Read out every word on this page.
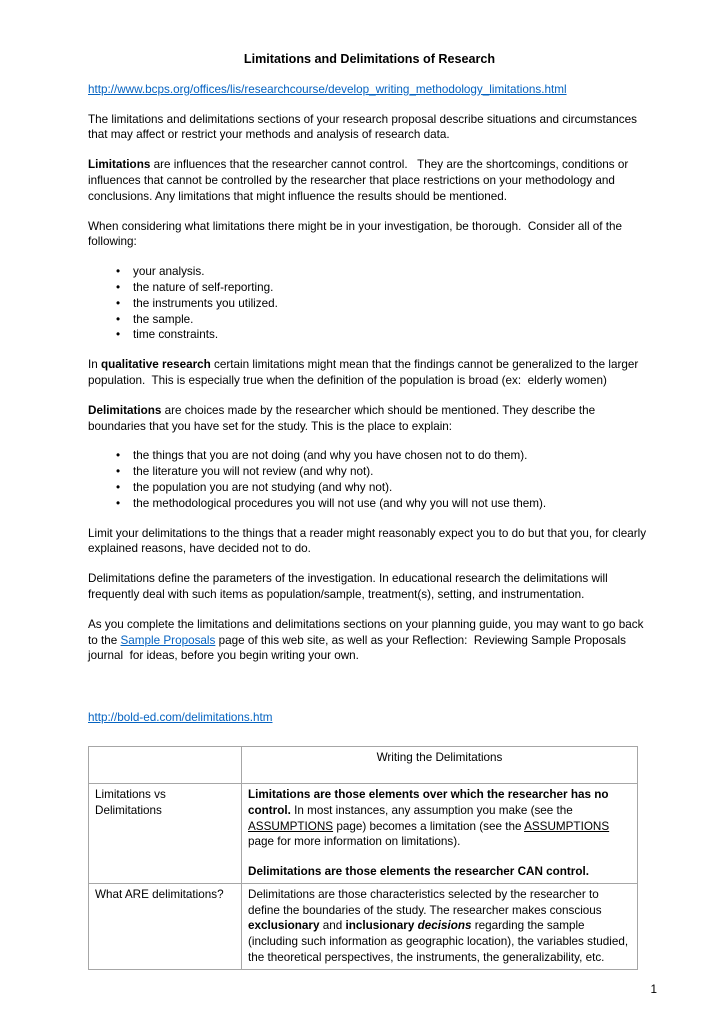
Limitations and Delimitations of Research

http://www.bcps.org/offices/lis/researchcourse/develop_writing_methodology_limitations.html

The limitations and delimitations sections of your research proposal describe situations and circumstances that may affect or restrict your methods and analysis of research data.

Limitations are influences that the researcher cannot control.   They are the shortcomings, conditions or influences that cannot be controlled by the researcher that place restrictions on your methodology and conclusions. Any limitations that might influence the results should be mentioned.

When considering what limitations there might be in your investigation, be thorough.  Consider all of the following:

• your analysis.
• the nature of self-reporting.
• the instruments you utilized.
• the sample.
• time constraints.

In qualitative research certain limitations might mean that the findings cannot be generalized to the larger population.  This is especially true when the definition of the population is broad (ex:  elderly women)

Delimitations are choices made by the researcher which should be mentioned. They describe the boundaries that you have set for the study. This is the place to explain:

• the things that you are not doing (and why you have chosen not to do them).
• the literature you will not review (and why not).
• the population you are not studying (and why not).
• the methodological procedures you will not use (and why you will not use them).

Limit your delimitations to the things that a reader might reasonably expect you to do but that you, for clearly explained reasons, have decided not to do.

Delimitations define the parameters of the investigation. In educational research the delimitations will frequently deal with such items as population/sample, treatment(s), setting, and instrumentation.

As you complete the limitations and delimitations sections on your planning guide, you may want to go back to the Sample Proposals page of this web site, as well as your Reflection:  Reviewing Sample Proposals journal  for ideas, before you begin writing your own.

http://bold-ed.com/delimitations.htm

	Writing the Delimitations
Limitations vs Delimitations	Limitations are those elements over which the researcher has no control. In most instances, any assumption you make (see the ASSUMPTIONS page) becomes a limitation (see the ASSUMPTIONS page for more information on limitations).

Delimitations are those elements the researcher CAN control.

What ARE delimitations?	Delimitations are those characteristics selected by the researcher to define the boundaries of the study. The researcher makes conscious exclusionary and inclusionary decisions regarding the sample (including such information as geographic location), the variables studied, the theoretical perspectives, the instruments, the generalizability, etc.

1
